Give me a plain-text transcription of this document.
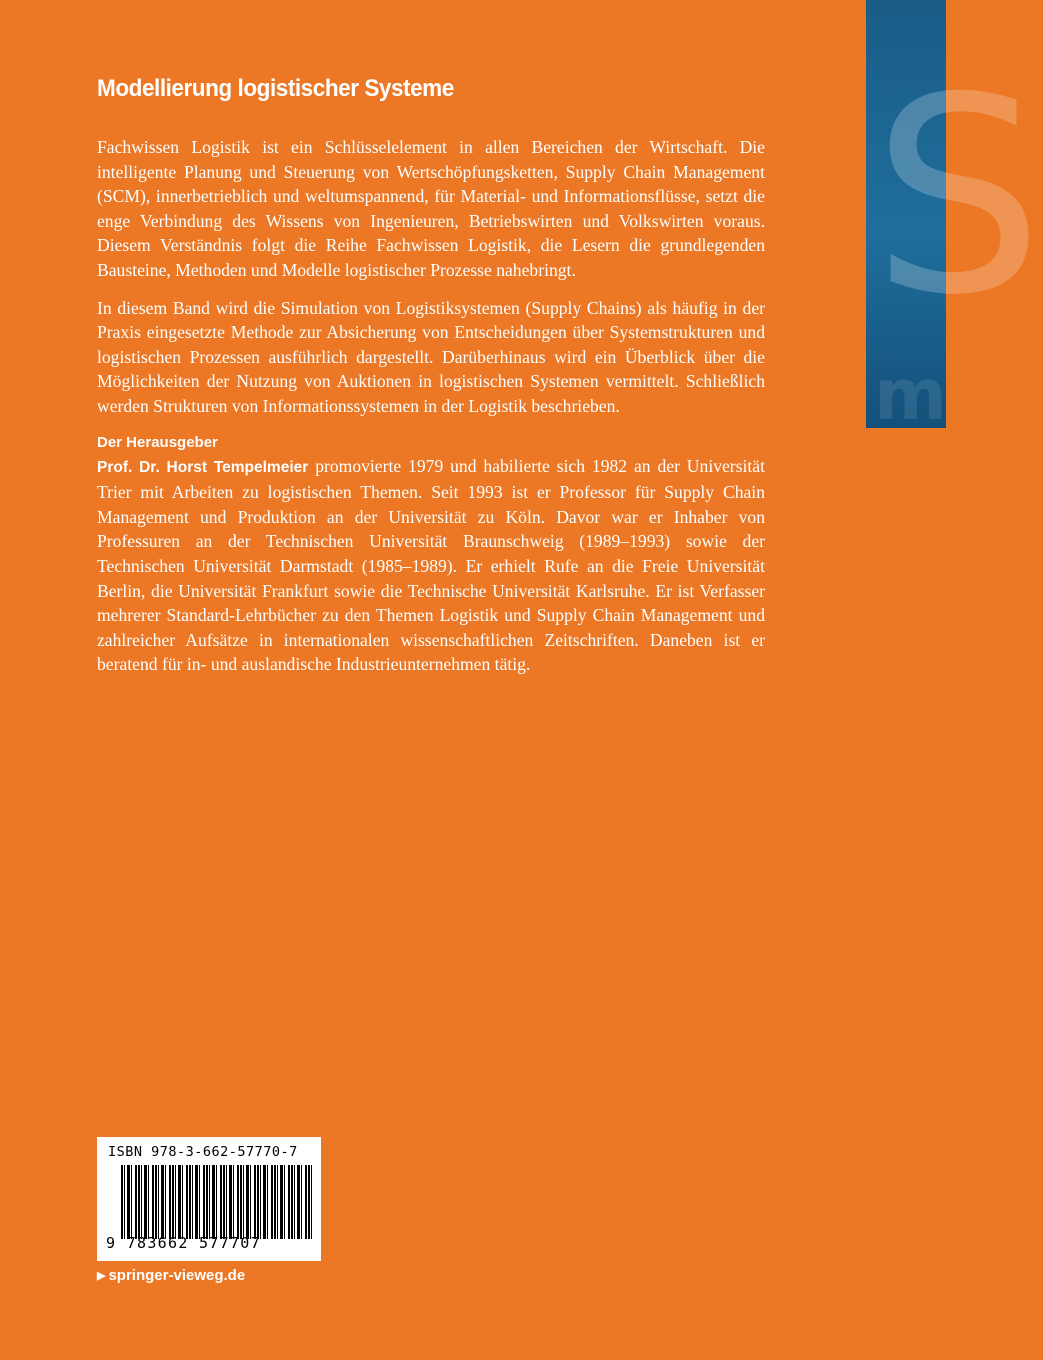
S
m
Modellierung logistischer Systeme

Fachwissen Logistik ist ein Schlüsselelement in allen Bereichen der Wirtschaft. Die intelligente Planung und Steuerung von Wertschöpfungsketten, Supply Chain Management (SCM), innerbetrieblich und weltumspannend, für Material- und Informationsflüsse, setzt die enge Verbindung des Wissens von Ingenieuren, Betriebswirten und Volkswirten voraus. Diesem Verständnis folgt die Reihe Fachwissen Logistik, die Lesern die grundlegenden Bausteine, Methoden und Modelle logistischer Prozesse nahebringt.

In diesem Band wird die Simulation von Logistiksystemen (Supply Chains) als häufig in der Praxis eingesetzte Methode zur Absicherung von Entscheidungen über Systemstrukturen und logistischen Prozessen ausführlich dargestellt. Darüberhinaus wird ein Überblick über die Möglichkeiten der Nutzung von Auktionen in logistischen Systemen vermittelt. Schließlich werden Strukturen von Informationssystemen in der Logistik beschrieben.

Der Herausgeber

Prof. Dr. Horst Tempelmeier promovierte 1979 und habilierte sich 1982 an der Universität Trier mit Arbeiten zu logistischen Themen. Seit 1993 ist er Professor für Supply Chain Management und Produktion an der Universität zu Köln. Davor war er Inhaber von Professuren an der Technischen Universität Braunschweig (1989–1993) sowie der Technischen Universität Darmstadt (1985–1989). Er erhielt Rufe an die Freie Universität Berlin, die Universität Frankfurt sowie die Technische Universität Karlsruhe. Er ist Verfasser mehrerer Standard-Lehrbücher zu den Themen Logistik und Supply Chain Management und zahlreicher Aufsätze in internationalen wissenschaftlichen Zeitschriften. Daneben ist er beratend für in- und auslandische Industrieunternehmen tätig.

ISBN 978-3-662-57770-7
9 783662 577707
▶ springer-vieweg.de
